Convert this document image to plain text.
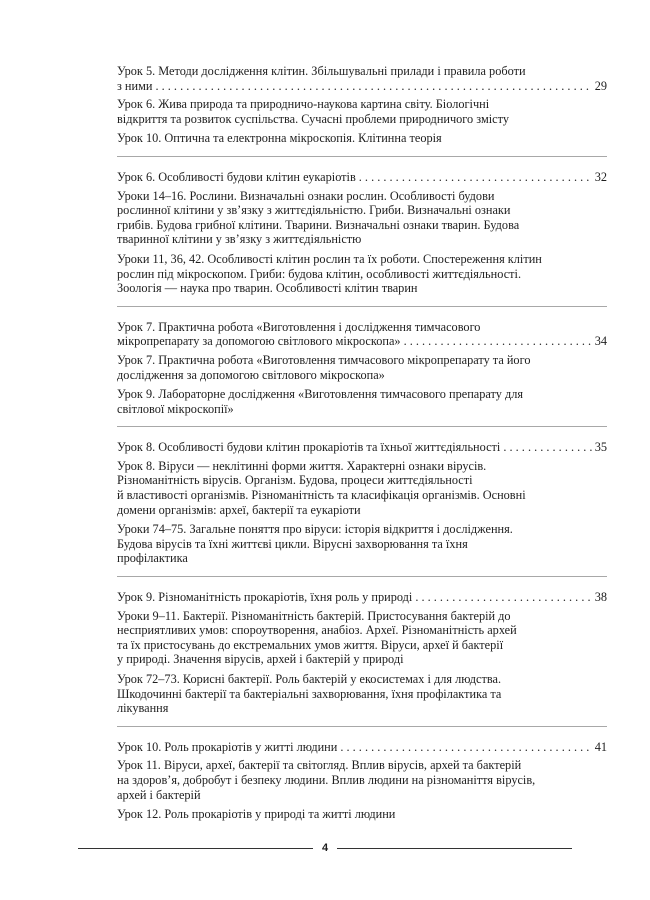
Урок 5. Методи дослідження клітин. Збільшувальні прилади і правила роботи
з ними . . .	29
Урок 6. Жива природа та природничо-наукова картина світу. Біологічні
відкриття та розвиток суспільства. Сучасні проблеми природничого змісту
Урок 10. Оптична та електронна мікроскопія. Клітинна теорія
Урок 6. Особливості будови клітин еукаріотів . . .	32
Уроки 14–16. Рослини. Визначальні ознаки рослин. Особливості будови
рослинної клітини у зв’язку з життєдіяльністю. Гриби. Визначальні ознаки
грибів. Будова грибної клітини. Тварини. Визначальні ознаки тварин. Будова
тваринної клітини у зв’язку з життєдіяльністю
Уроки 11, 36, 42. Особливості клітин рослин та їх роботи. Спостереження клітин
рослин під мікроскопом. Гриби: будова клітин, особливості життєдіяльності.
Зоологія — наука про тварин. Особливості клітин тварин
Урок 7. Практична робота «Виготовлення і дослідження тимчасового
мікропрепарату за допомогою світлового мікроскопа» . . .	34
Урок 7. Практична робота «Виготовлення тимчасового мікропрепарату та його
дослідження за допомогою світлового мікроскопа»
Урок 9. Лабораторне дослідження «Виготовлення тимчасового препарату для
світлової мікроскопії»
Урок 8. Особливості будови клітин прокаріотів та їхньої життєдіяльності . . .	35
Урок 8. Віруси — неклітинні форми життя. Характерні ознаки вірусів.
Різноманітність вірусів. Організм. Будова, процеси життєдіяльності
й властивості організмів. Різноманітність та класифікація організмів. Основні
домени організмів: археї, бактерії та еукаріоти
Уроки 74–75. Загальне поняття про віруси: історія відкриття і дослідження.
Будова вірусів та їхні життєві цикли. Вірусні захворювання та їхня
профілактика
Урок 9. Різноманітність прокаріотів, їхня роль у природі . . .	38
Уроки 9–11. Бактерії. Різноманітність бактерій. Пристосування бактерій до
несприятливих умов: спороутворення, анабіоз. Археї. Різноманітність архей
та їх пристосувань до екстремальних умов життя. Віруси, археї й бактерії
у природі. Значення вірусів, архей і бактерій у природі
Урок 72–73. Корисні бактерії. Роль бактерій у екосистемах і для людства.
Шкодочинні бактерії та бактеріальні захворювання, їхня профілактика та
лікування
Урок 10. Роль прокаріотів у житті людини . . .	41
Урок 11. Віруси, археї, бактерії та світогляд. Вплив вірусів, архей та бактерій
на здоров’я, добробут і безпеку людини. Вплив людини на різноманіття вірусів,
архей і бактерій
Урок 12. Роль прокаріотів у природі та житті людини
4
